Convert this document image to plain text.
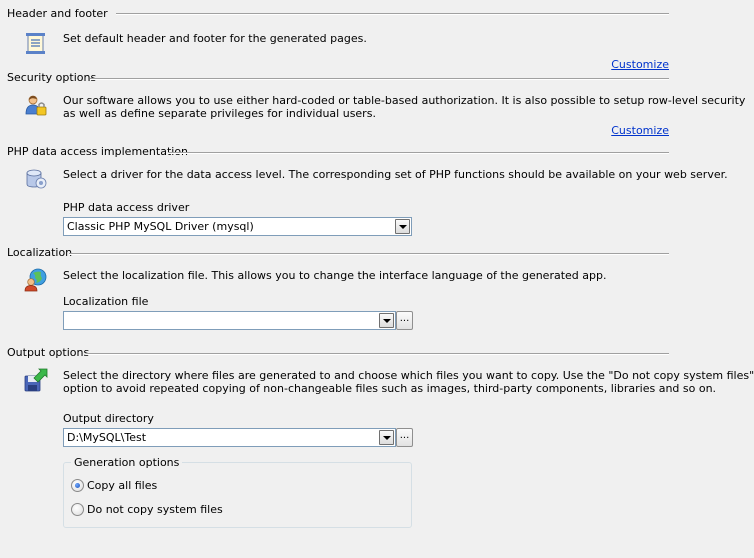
Header and footer
Set default header and footer for the generated pages.
Customize
Security options
Our software allows you to use either hard-coded or table-based authorization. It is also possible to setup row-level security
as well as define separate privileges for individual users.
Customize
PHP data access implementation
Select a driver for the data access level. The corresponding set of PHP functions should be available on your web server.
PHP data access driver
Classic PHP MySQL Driver (mysql)
Localization
Select the localization file. This allows you to change the interface language of the generated app.
Localization file
...
Output options
Select the directory where files are generated to and choose which files you want to copy. Use the "Do not copy system files"
option to avoid repeated copying of non-changeable files such as images, third-party components, libraries and so on.
Output directory
D:\MySQL\Test	...
Generation options
Copy all files
Do not copy system files
